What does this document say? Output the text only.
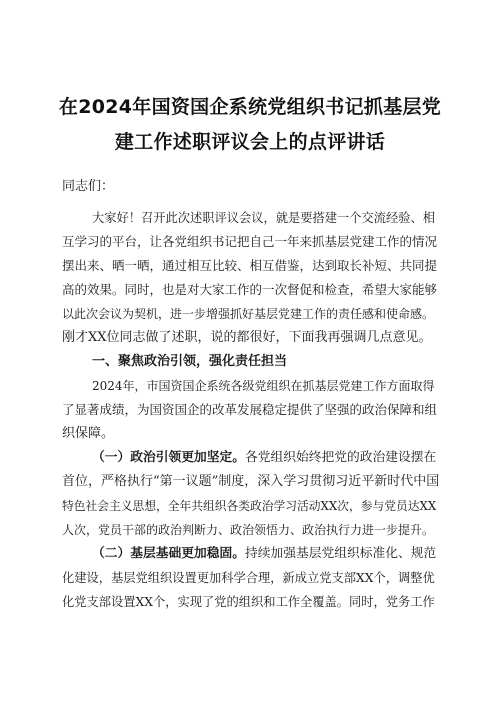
在2024年国资国企系统党组织书记抓基层党
建工作述职评议会上的点评讲话
同志们：
大家好！召开此次述职评议会议，就是要搭建一个交流经验、相
互学习的平台，让各党组织书记把自己一年来抓基层党建工作的情况
摆出来、晒一晒，通过相互比较、相互借鉴，达到取长补短、共同提
高的效果。同时，也是对大家工作的一次督促和检查，希望大家能够
以此次会议为契机，进一步增强抓好基层党建工作的责任感和使命感。
刚才XX位同志做了述职，说的都很好，下面我再强调几点意见。
一、聚焦政治引领，强化责任担当
2024年，市国资国企系统各级党组织在抓基层党建工作方面取得
了显著成绩，为国资国企的改革发展稳定提供了坚强的政治保障和组
织保障。
（一）政治引领更加坚定。各党组织始终把党的政治建设摆在
首位，严格执行“第一议题”制度，深入学习贯彻习近平新时代中国
特色社会主义思想，全年共组织各类政治学习活动XX次，参与党员达XX
人次，党员干部的政治判断力、政治领悟力、政治执行力进一步提升。
（二）基层基础更加稳固。持续加强基层党组织标准化、规范
化建设，基层党组织设置更加科学合理，新成立党支部XX个，调整优
化党支部设置XX个，实现了党的组织和工作全覆盖。同时，党务工作
